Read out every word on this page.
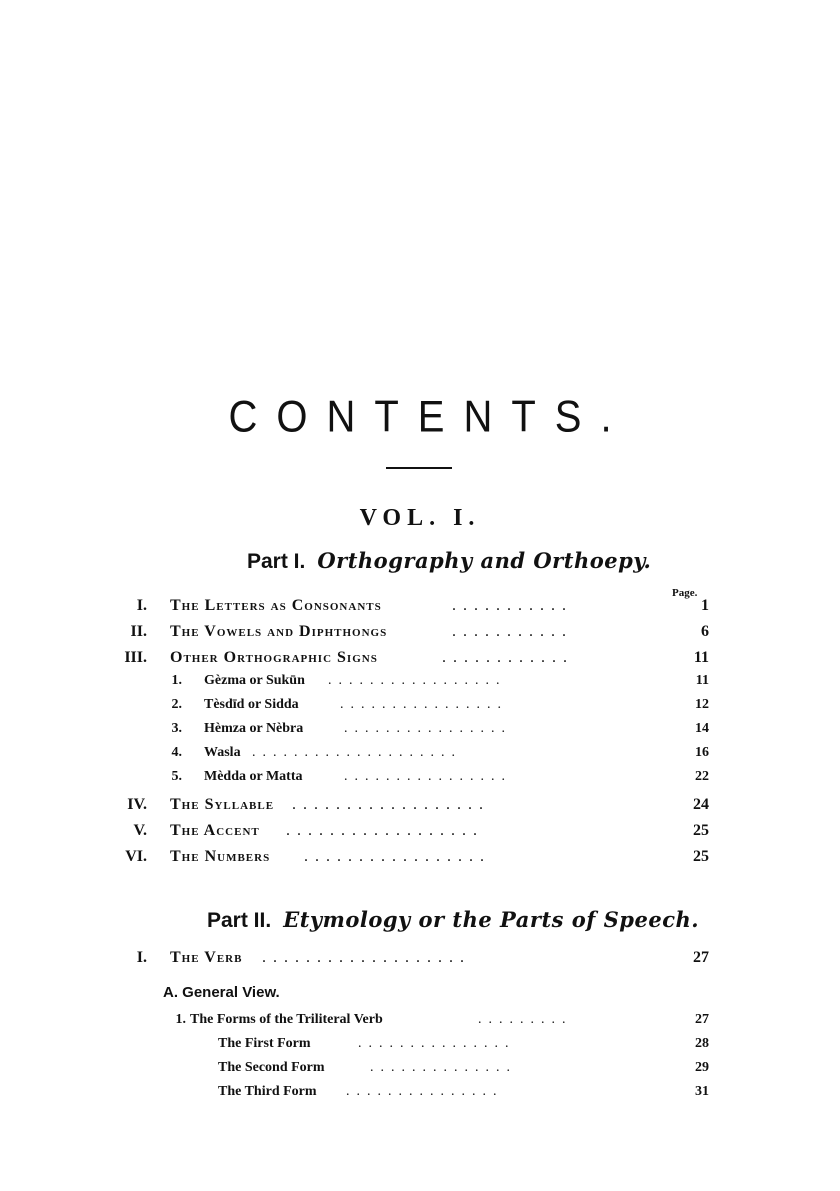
CONTENTS.
VOL. I.
Part I. Orthography and Orthoepy.
Page.
I. The Letters as Consonants	...........	1
II. The Vowels and Diphthongs	...........	6
III. Other Orthographic Signs	............	11
1. Gèzma or Sukūn .................	11
2. Tèsdīd or Sidda	................	12
3. Hèmza or Nèbra	................	14
4. Wasla ....................	16
5. Mèdda or Matta	................	22
IV. The Syllable ..................	24
V. The Accent ..................	25
VI. The Numbers .................	25
Part II. Etymology or the Parts of Speech.
I. The Verb ...................	27
A. General View.
1. The Forms of the Triliteral Verb	.........	27
The First Form	...............	28
The Second Form	..............	29
The Third Form ...............	31
